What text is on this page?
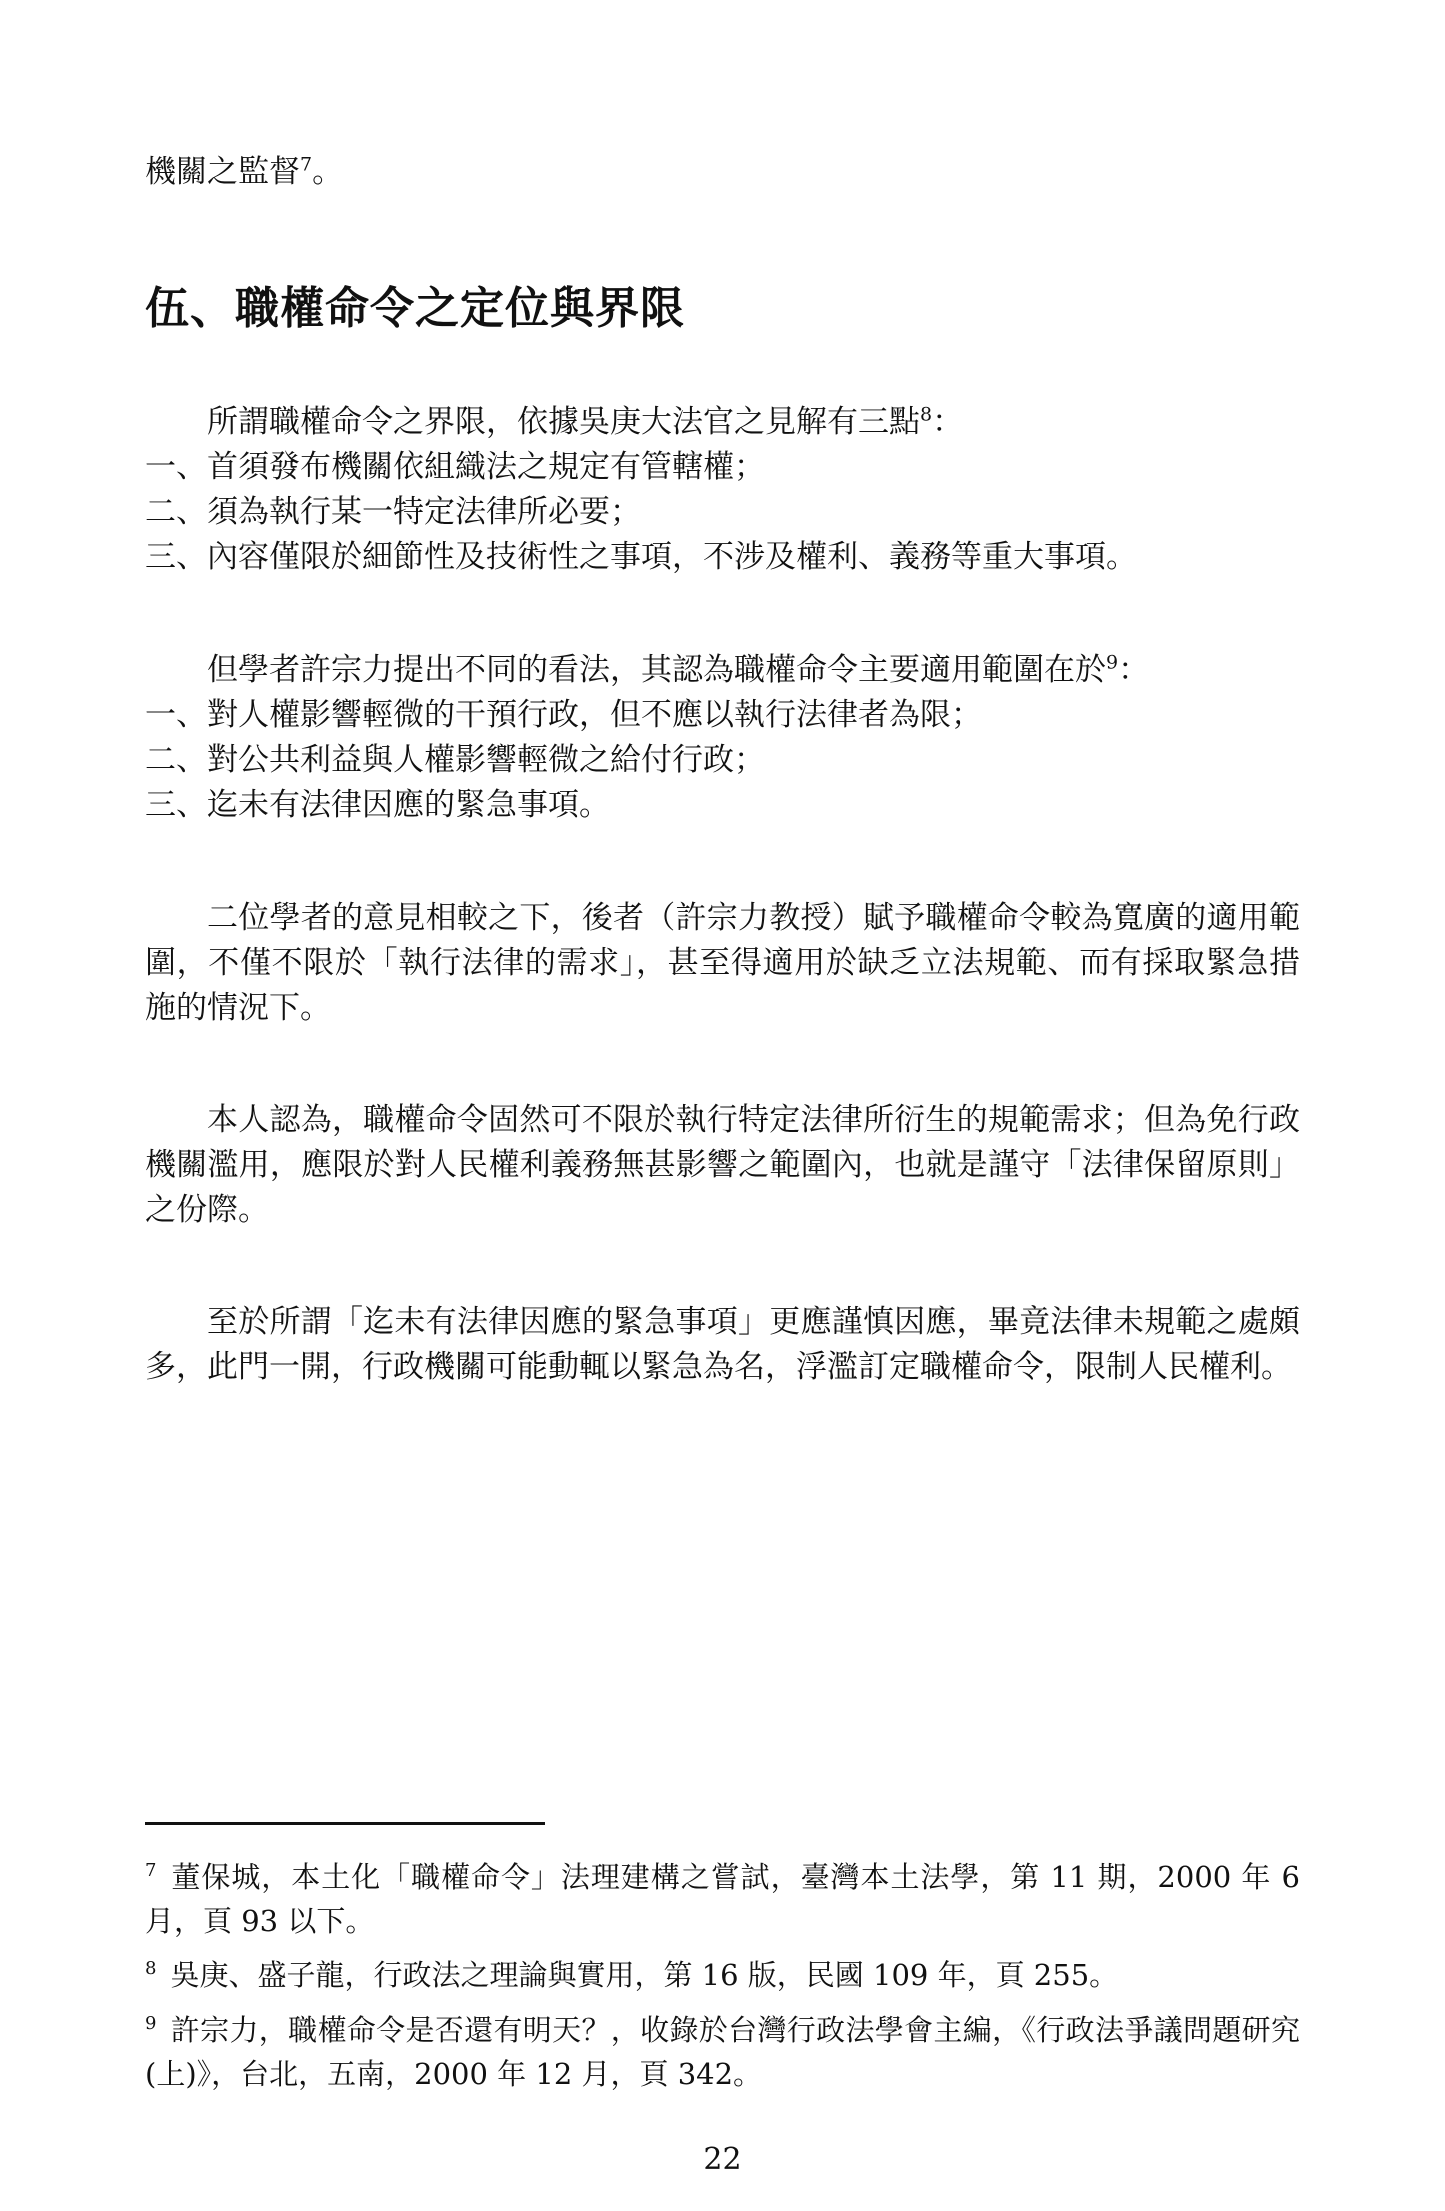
機關之監督$^7$。
伍、職權命令之定位與界限
所謂職權命令之界限，依據吳庚大法官之見解有三點$^8$：
一、首須發布機關依組織法之規定有管轄權；
二、須為執行某一特定法律所必要；
三、內容僅限於細節性及技術性之事項，不涉及權利、義務等重大事項。
但學者許宗力提出不同的看法，其認為職權命令主要適用範圍在於$^9$：
一、對人權影響輕微的干預行政，但不應以執行法律者為限；
二、對公共利益與人權影響輕微之給付行政；
三、迄未有法律因應的緊急事項。
二位學者的意見相較之下，後者（許宗力教授）賦予職權命令較為寬廣的適用範圍，不僅不限於「執行法律的需求」，甚至得適用於缺乏立法規範、而有採取緊急措施的情況下。
本人認為，職權命令固然可不限於執行特定法律所衍生的規範需求；但為免行政機關濫用，應限於對人民權利義務無甚影響之範圍內，也就是謹守「法律保留原則」之份際。
至於所謂「迄未有法律因應的緊急事項」更應謹慎因應，畢竟法律未規範之處頗多，此門一開，行政機關可能動輒以緊急為名，浮濫訂定職權命令，限制人民權利。
$^7$ 董保城，本土化「職權命令」法理建構之嘗試，臺灣本土法學，第 11 期，2000 年 6 月，頁 93 以下。
$^8$ 吳庚、盛子龍，行政法之理論與實用，第 16 版，民國 109 年，頁 255。
$^9$ 許宗力，職權命令是否還有明天？，收錄於台灣行政法學會主編，《行政法爭議問題研究(上)》，台北，五南，2000 年 12 月，頁 342。
22
